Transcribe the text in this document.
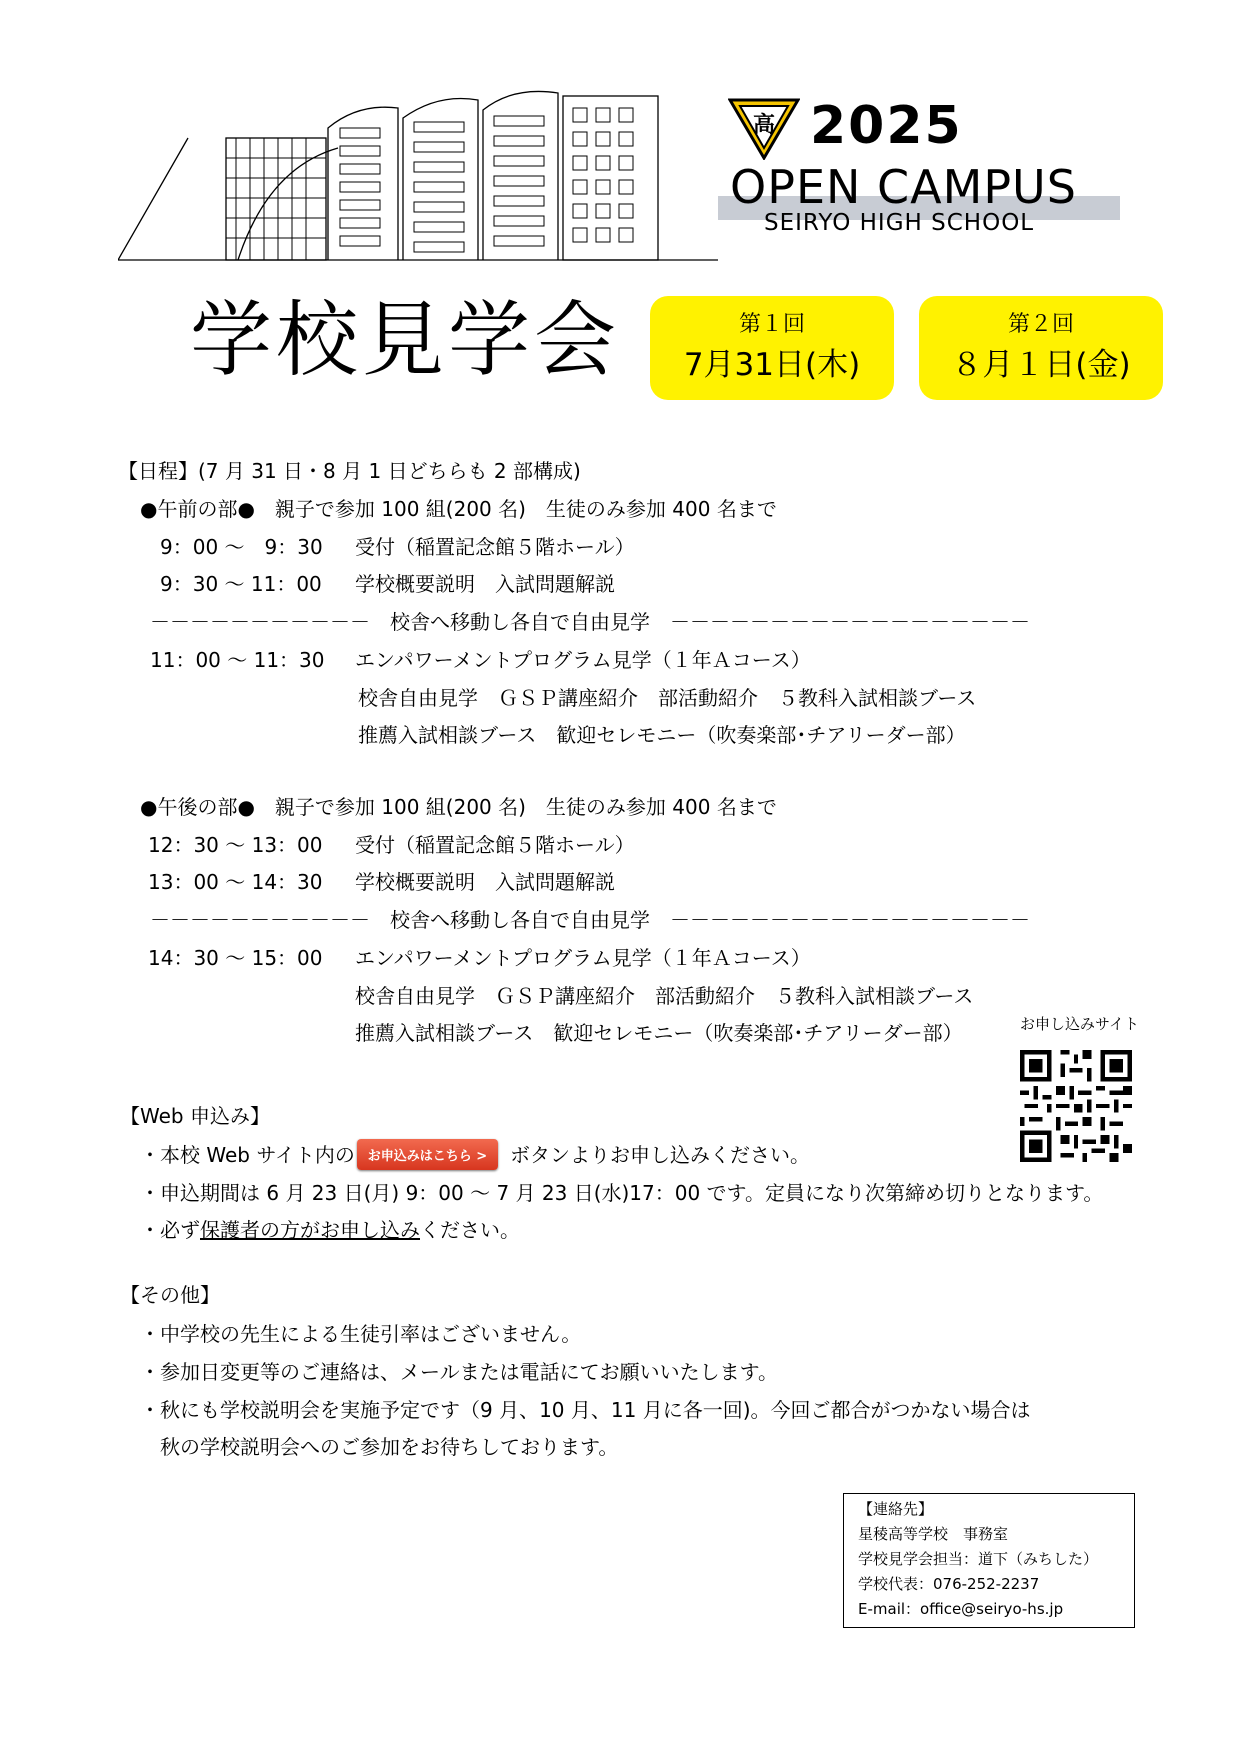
高 2025
OPEN CAMPUS
SEIRYO HIGH SCHOOL
学校見学会	第１回
7月31日(木)
第２回
８月１日(金)
【日程】(7 月 31 日・8 月 1 日どちらも 2 部構成)
●午前の部●　親子で参加 100 組(200 名)　生徒のみ参加 400 名まで
9：00 ～　9：30 受付（稲置記念館５階ホール）
9：30 ～ 11：00 学校概要説明　入試問題解説
－－－－－－－－－－－　校舎へ移動し各自で自由見学　－－－－－－－－－－－－－－－－－－
11：00 ～ 11：30 エンパワーメントプログラム見学（１年Ａコース）
校舎自由見学　ＧＳＰ講座紹介　部活動紹介　５教科入試相談ブース
推薦入試相談ブース　歓迎セレモニー（吹奏楽部･チアリーダー部）
●午後の部●　親子で参加 100 組(200 名)　生徒のみ参加 400 名まで
12：30 ～ 13：00 受付（稲置記念館５階ホール）
13：00 ～ 14：30 学校概要説明　入試問題解説
－－－－－－－－－－－　校舎へ移動し各自で自由見学　－－－－－－－－－－－－－－－－－－
14：30 ～ 15：00 エンパワーメントプログラム見学（１年Ａコース）
校舎自由見学　ＧＳＰ講座紹介　部活動紹介　５教科入試相談ブース
推薦入試相談ブース　歓迎セレモニー（吹奏楽部･チアリーダー部）	お申し込みサイト
【Web 申込み】
・本校 Web サイト内の お申込みはこちら >	ボタンよりお申し込みください。
・申込期間は 6 月 23 日(月) 9：00 ～ 7 月 23 日(水)17：00 です。定員になり次第締め切りとなります。
・必ず保護者の方がお申し込みください。
【その他】
・中学校の先生による生徒引率はございません。
・参加日変更等のご連絡は、メールまたは電話にてお願いいたします。
・秋にも学校説明会を実施予定です（9 月、10 月、11 月に各一回)。今回ご都合がつかない場合は
　秋の学校説明会へのご参加をお待ちしております。
【連絡先】
星稜高等学校　事務室
学校見学会担当：道下（みちした）
学校代表：076-252-2237
E-mail：office@seiryo-hs.jp
